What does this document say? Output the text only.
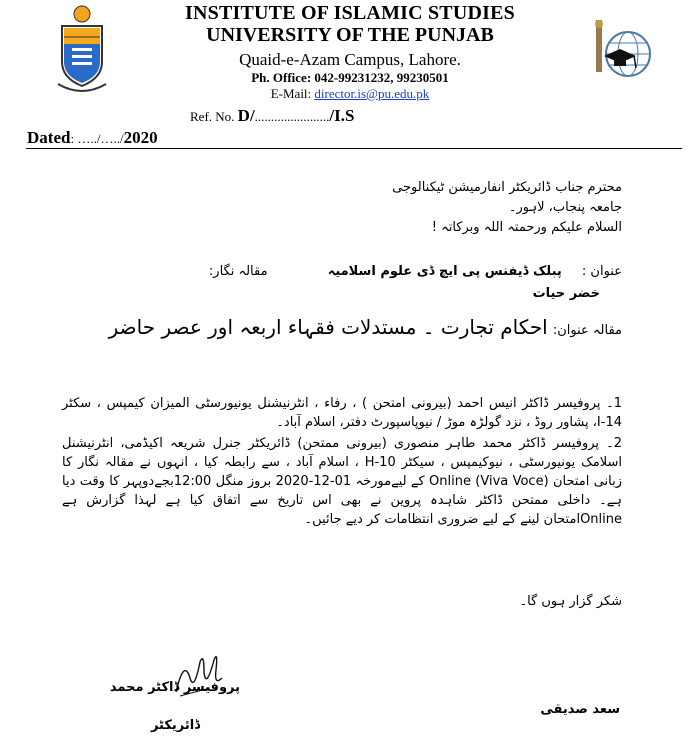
INSTITUTE OF ISLAMIC STUDIES
UNIVERSITY OF THE PUNJAB
Quaid-e-Azam Campus, Lahore.
Ph. Office: 042-99231232, 99230501
E-Mail: director.is@pu.edu.pk
Ref. No. D/......................./I.S
Dated: …../…../2020
محترم جناب ڈائریکٹر انفارمیشن ٹیکنالوجی
جامعہ پنجاب، لاہور۔
السلام علیکم ورحمتہ اللہ وبرکاتہ !
عنوان : پبلک ڈیفنس پی ایچ ڈی علوم اسلامیہ مقالہ نگار:
خضر حیات
مقالہ عنوان: احکام تجارت ۔ مستدلات فقہاء اربعہ اور عصر حاضر
1۔ پروفیسر ڈاکٹر انیس احمد (بیرونی امتحن ) ، رفاء ، انٹرنیشنل یونیورسٹی المیزان کیمپس ، سکٹر 14-I، پشاور روڈ ، نزد گولڑہ موڑ / نیوپاسپورٹ دفتر، اسلام آباد۔
2۔ پروفیسر ڈاکٹر محمد طاہر منصوری (بیرونی ممتحن) ڈائریکٹر جنرل شریعہ اکیڈمی، انٹرنیشنل اسلامک یونیورسٹی ، نیوکیمپس ، سیکٹر H-10 ، اسلام آباد ، سے رابطہ کیا ، انہوں نے مقالہ نگار کا زبانی امتحان (Viva Voce) Online کے لیےمورخہ 01-12-2020 بروز منگل 12:00بجےدوپہر کا وقت دیا ہے۔ داخلی ممتحن ڈاکٹر شاہدہ پروین نے بھی اس تاریخ سے اتفاق کیا ہے لہذا گزارش ہے Onlineامتحان لینے کے لیے ضروری انتظامات کر دیے جائیں۔
شکر گزار ہوں گا۔
پروفیسر ڈاکٹر محمد
ڈائریکٹر
سعد صدیقی
